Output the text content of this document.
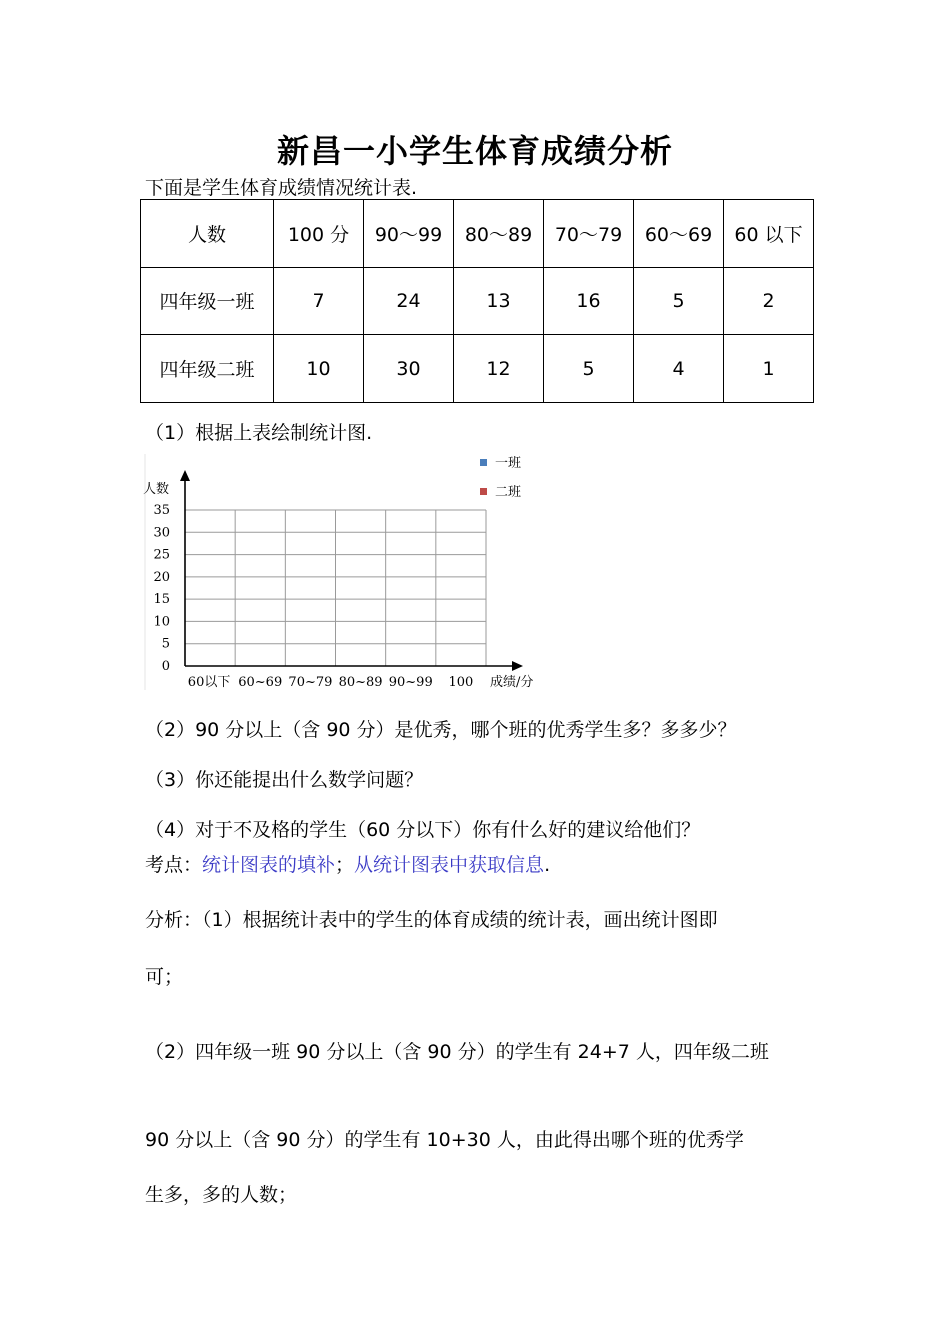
新昌一小学生体育成绩分析
下面是学生体育成绩情况统计表.
人数	100 分	90～99	80～89	70～79	60～69	60 以下
四年级一班	7	24	13	16	5	2
四年级二班	10	30	12	5	4	1
（1）根据上表绘制统计图.
人数
成绩/分
0
5
10
15
20
25
30
35
60以下 60~69 70~79 80~89 90~99 100
一班
二班
（2）90 分以上（含 90 分）是优秀，哪个班的优秀学生多？多多少？
（3）你还能提出什么数学问题？
（4）对于不及格的学生（60 分以下）你有什么好的建议给他们？
考点：统计图表的填补；从统计图表中获取信息.
分析：（1）根据统计表中的学生的体育成绩的统计表，画出统计图即
可；
（2）四年级一班 90 分以上（含 90 分）的学生有 24+7 人，四年级二班
90 分以上（含 90 分）的学生有 10+30 人，由此得出哪个班的优秀学
生多，多的人数；
